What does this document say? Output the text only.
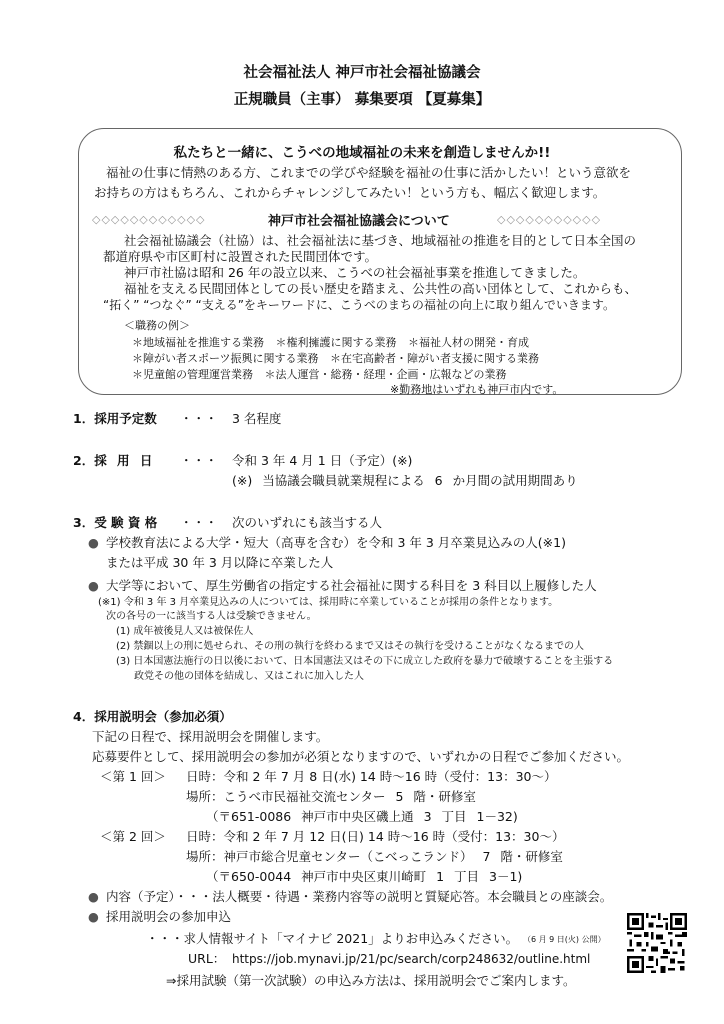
社会福祉法人 神戸市社会福祉協議会
正規職員（主事） 募集要項 【夏募集】
私たちと一緒に、こうべの地域福祉の未来を創造しませんか!!
福祉の仕事に情熱のある方、これまでの学びや経験を福祉の仕事に活かしたい！という意欲を
お持ちの方はもちろん、これからチャレンジしてみたい！という方も、幅広く歓迎します。
◇◇◇◇◇◇◇◇◇◇◇◇	神戸市社会福祉協議会について	◇◇◇◇◇◇◇◇◇◇◇
社会福祉協議会（社協）は、社会福祉法に基づき、地域福祉の推進を目的として日本全国の
都道府県や市区町村に設置された民間団体です。
神戸市社協は昭和 26 年の設立以来、こうべの社会福祉事業を推進してきました。
福祉を支える民間団体としての長い歴史を踏まえ、公共性の高い団体として、これからも、
“拓く” “つなぐ” “支える”をキーワードに、こうべのまちの福祉の向上に取り組んでいきます。
＜職務の例＞
＊地域福祉を推進する業務 ＊権利擁護に関する業務 ＊福祉人材の開発・育成
＊障がい者スポーツ振興に関する業務 ＊在宅高齢者・障がい者支援に関する業務
＊児童館の管理運営業務 ＊法人運営・総務・経理・企画・広報などの業務
※勤務地はいずれも神戸市内です。
1．採用予定数 ・・・ 3 名程度
2．採 用 日 ・・・ 令和 3 年 4 月 1 日（予定）(※)
(※) 当協議会職員就業規程による 6 か月間の試用期間あり
3．受 験 資 格 ・・・ 次のいずれにも該当する人
● 学校教育法による大学・短大（高専を含む）を令和 3 年 3 月卒業見込みの人(※1)
または平成 30 年 3 月以降に卒業した人
● 大学等において、厚生労働省の指定する社会福祉に関する科目を 3 科目以上履修した人
(※1) 令和 3 年 3 月卒業見込みの人については、採用時に卒業していることが採用の条件となります。
次の各号の一に該当する人は受験できません。
(1) 成年被後見人又は被保佐人
(2) 禁錮以上の刑に処せられ、その刑の執行を終わるまで又はその執行を受けることがなくなるまでの人
(3) 日本国憲法施行の日以後において、日本国憲法又はその下に成立した政府を暴力で破壊することを主張する
政党その他の団体を結成し、又はこれに加入した人
4．採用説明会（参加必須）
下記の日程で、採用説明会を開催します。
応募要件として、採用説明会の参加が必須となりますので、いずれかの日程でご参加ください。
＜第 1 回＞ 日時：令和 2 年 7 月 8 日(水) 14 時～16 時（受付：13：30～）
場所：こうべ市民福祉交流センター 5 階・研修室
（〒651-0086 神戸市中央区磯上通 3 丁目 1－32)
＜第 2 回＞ 日時：令和 2 年 7 月 12 日(日) 14 時～16 時（受付：13：30～）
場所：神戸市総合児童センター（こべっこランド） 7 階・研修室
（〒650-0044 神戸市中央区東川崎町 1 丁目 3－1)
● 内容（予定）・・・法人概要・待遇・業務内容等の説明と質疑応答。本会職員との座談会。
● 採用説明会の参加申込
・・・求人情報サイト「マイナビ 2021」よりお申込みください。 （6 月 9 日(火) 公開）
URL： https://job.mynavi.jp/21/pc/search/corp248632/outline.html
⇒採用試験（第一次試験）の申込み方法は、採用説明会でご案内します。
